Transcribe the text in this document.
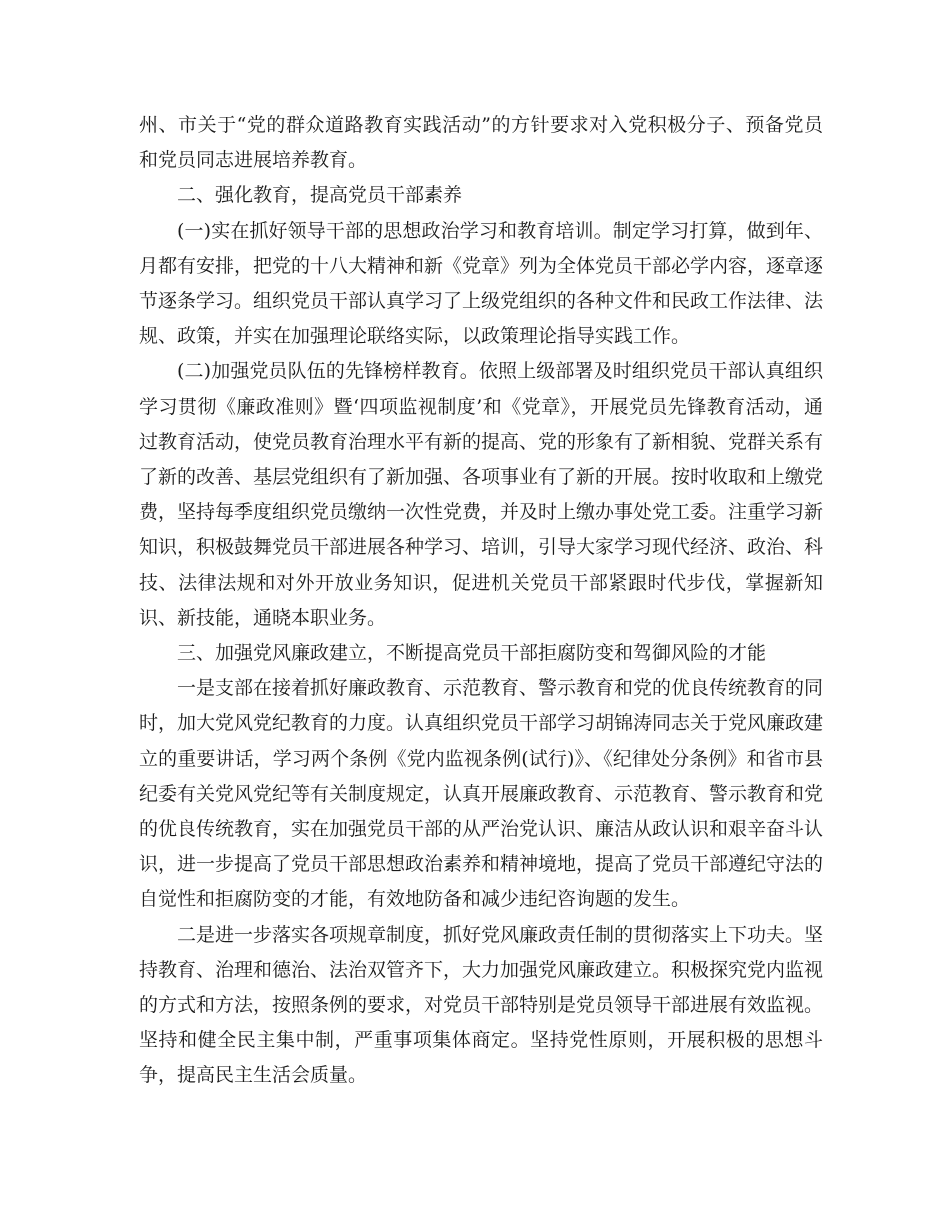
州、市关于“党的群众道路教育实践活动”的方针要求对入党积极分子、预备党员和党员同志进展培养教育。

二、强化教育，提高党员干部素养

(一)实在抓好领导干部的思想政治学习和教育培训。制定学习打算，做到年、月都有安排，把党的十八大精神和新《党章》列为全体党员干部必学内容，逐章逐节逐条学习。组织党员干部认真学习了上级党组织的各种文件和民政工作法律、法规、政策，并实在加强理论联络实际，以政策理论指导实践工作。

(二)加强党员队伍的先锋榜样教育。依照上级部署及时组织党员干部认真组织学习贯彻《廉政准则》暨‘四项监视制度’和《党章》，开展党员先锋教育活动，通过教育活动，使党员教育治理水平有新的提高、党的形象有了新相貌、党群关系有了新的改善、基层党组织有了新加强、各项事业有了新的开展。按时收取和上缴党费，坚持每季度组织党员缴纳一次性党费，并及时上缴办事处党工委。注重学习新知识，积极鼓舞党员干部进展各种学习、培训，引导大家学习现代经济、政治、科技、法律法规和对外开放业务知识，促进机关党员干部紧跟时代步伐，掌握新知识、新技能，通晓本职业务。

三、加强党风廉政建立，不断提高党员干部拒腐防变和驾御风险的才能

一是支部在接着抓好廉政教育、示范教育、警示教育和党的优良传统教育的同时，加大党风党纪教育的力度。认真组织党员干部学习胡锦涛同志关于党风廉政建立的重要讲话，学习两个条例《党内监视条例(试行)》、《纪律处分条例》和省市县纪委有关党风党纪等有关制度规定，认真开展廉政教育、示范教育、警示教育和党的优良传统教育，实在加强党员干部的从严治党认识、廉洁从政认识和艰辛奋斗认识，进一步提高了党员干部思想政治素养和精神境地，提高了党员干部遵纪守法的自觉性和拒腐防变的才能，有效地防备和减少违纪咨询题的发生。

二是进一步落实各项规章制度，抓好党风廉政责任制的贯彻落实上下功夫。坚持教育、治理和德治、法治双管齐下，大力加强党风廉政建立。积极探究党内监视的方式和方法，按照条例的要求，对党员干部特别是党员领导干部进展有效监视。坚持和健全民主集中制，严重事项集体商定。坚持党性原则，开展积极的思想斗争，提高民主生活会质量。
